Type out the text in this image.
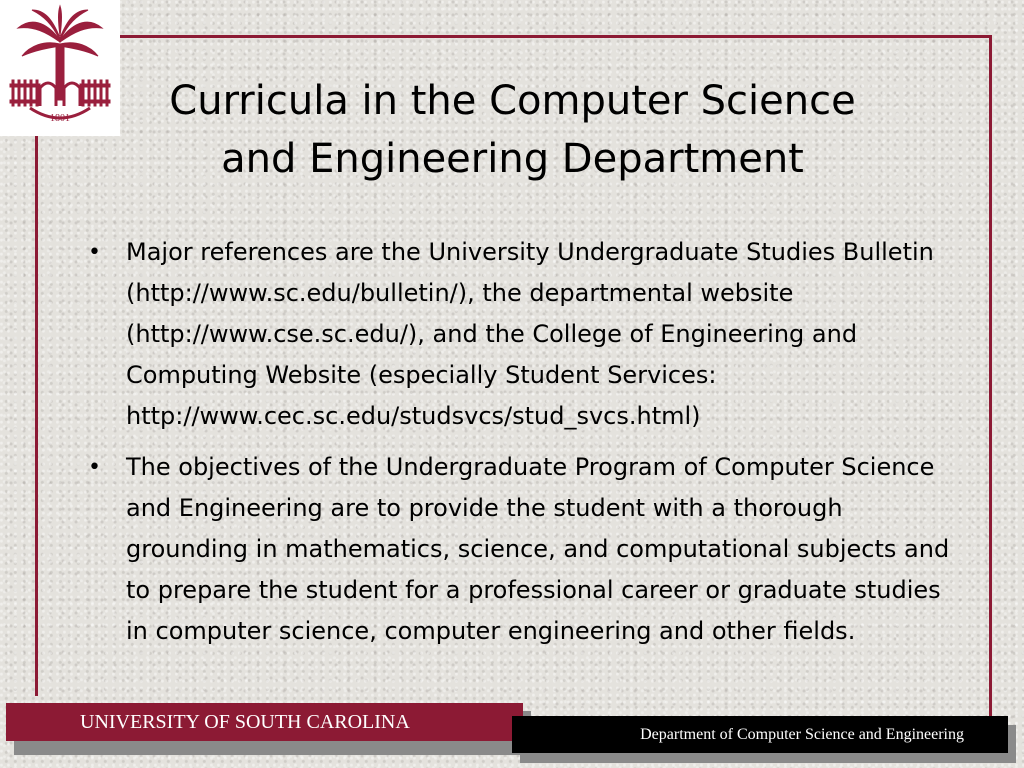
1801	Curricula in the Computer Science
and Engineering Department
• Major references are the University Undergraduate Studies Bulletin (http://www.sc.edu/bulletin/), the departmental website (http://www.cse.sc.edu/), and the College of Engineering and Computing Website (especially Student Services: http://www.cec.sc.edu/studsvcs/stud_svcs.html)
• The objectives of the Undergraduate Program of Computer Science and Engineering are to provide the student with a thorough grounding in mathematics, science, and computational subjects and to prepare the student for a professional career or graduate studies in computer science, computer engineering and other fields.
UNIVERSITY OF SOUTH CAROLINA
Department of Computer Science and Engineering
